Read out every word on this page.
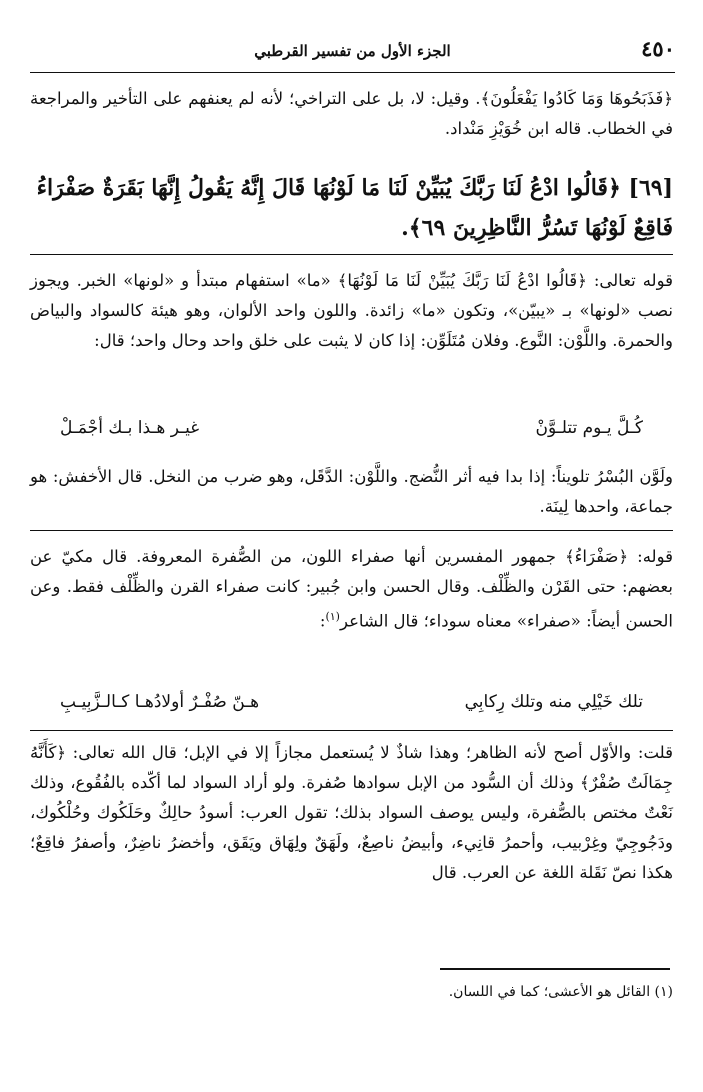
٤٥٠
الجزء الأول من تفسير القرطبي
﴿فَذَبَحُوهَا وَمَا كَادُوا يَفْعَلُونَ﴾. وقيل: لا، بل على التراخي؛ لأنه لم يعنفهم على التأخير والمراجعة في الخطاب. قاله ابن خُوَيْزِ مَنْداد.
[٦٩] ﴿قَالُوا ادْعُ لَنَا رَبَّكَ يُبَيِّنْ لَنَا مَا لَوْنُهَا قَالَ إِنَّهُ يَقُولُ إِنَّهَا بَقَرَةٌ صَفْرَاءُ فَاقِعٌ لَوْنُهَا تَسُرُّ النَّاظِرِينَ ٦٩﴾.
قوله تعالى: ﴿قَالُوا ادْعُ لَنَا رَبَّكَ يُبَيِّنْ لَنَا مَا لَوْنُهَا﴾ «ما» استفهام مبتدأ و «لونها» الخبر. ويجوز نصب «لونها» بـ «يبيّن»، وتكون «ما» زائدة. واللون واحد الألوان، وهو هيئة كالسواد والبياض والحمرة. واللَّوْن: النَّوع. وفلان مُتَلَوِّن: إذا كان لا يثبت على خلق واحد وحال واحد؛ قال:
كُـلَّ يـوم تتلـوَّنْ
غيـر هـذا بـك أجْمَـلْ
ولَوَّن البُسْرُ تلويناً: إذا بدا فيه أثر النُّضج. واللَّوْن: الدَّقَل، وهو ضرب من النخل. قال الأخفش: هو جماعة، واحدها لِينَة.
قوله: ﴿صَفْرَاءُ﴾ جمهور المفسرين أنها صفراء اللون، من الصُّفرة المعروفة. قال مكيّ عن بعضهم: حتى القَرْن والظِّلْف. وقال الحسن وابن جُبير: كانت صفراء القرن والظِّلْف فقط. وعن الحسن أيضاً: «صفراء» معناه سوداء؛ قال الشاعر$^{(١)}$:
تلك خَيْلِي منه وتلك رِكابِي
هـنّ صُفْـرٌ أولادُهـا كـالـزَّبِيـبِ
قلت: والأوّل أصح لأنه الظاهر؛ وهذا شاذٌ لا يُستعمل مجازاً إلا في الإبل؛ قال الله تعالى: ﴿كَأَنَّهُ جِمَالَتٌ صُفْرٌ﴾ وذلك أن السُّود من الإبل سوادها صُفرة. ولو أراد السواد لما أكّده بالفُقُوع، وذلك نَعْتٌ مختص بالصُّفرة، وليس يوصف السواد بذلك؛ تقول العرب: أسودُ حالِكٌ وحَلَكُوك وحُلْكُوك، ودَجُوجِيّ وغِرْبيب، وأحمرُ قانِيء، وأبيضُ ناصِعٌ، ولَهَقٌ ولِهَاق ويَقَق، وأخضرُ ناضِرٌ، وأصفرُ فاقِعٌ؛ هكذا نصّ نَقَلة اللغة عن العرب. قال
(١) القائل هو الأعشى؛ كما في اللسان.
